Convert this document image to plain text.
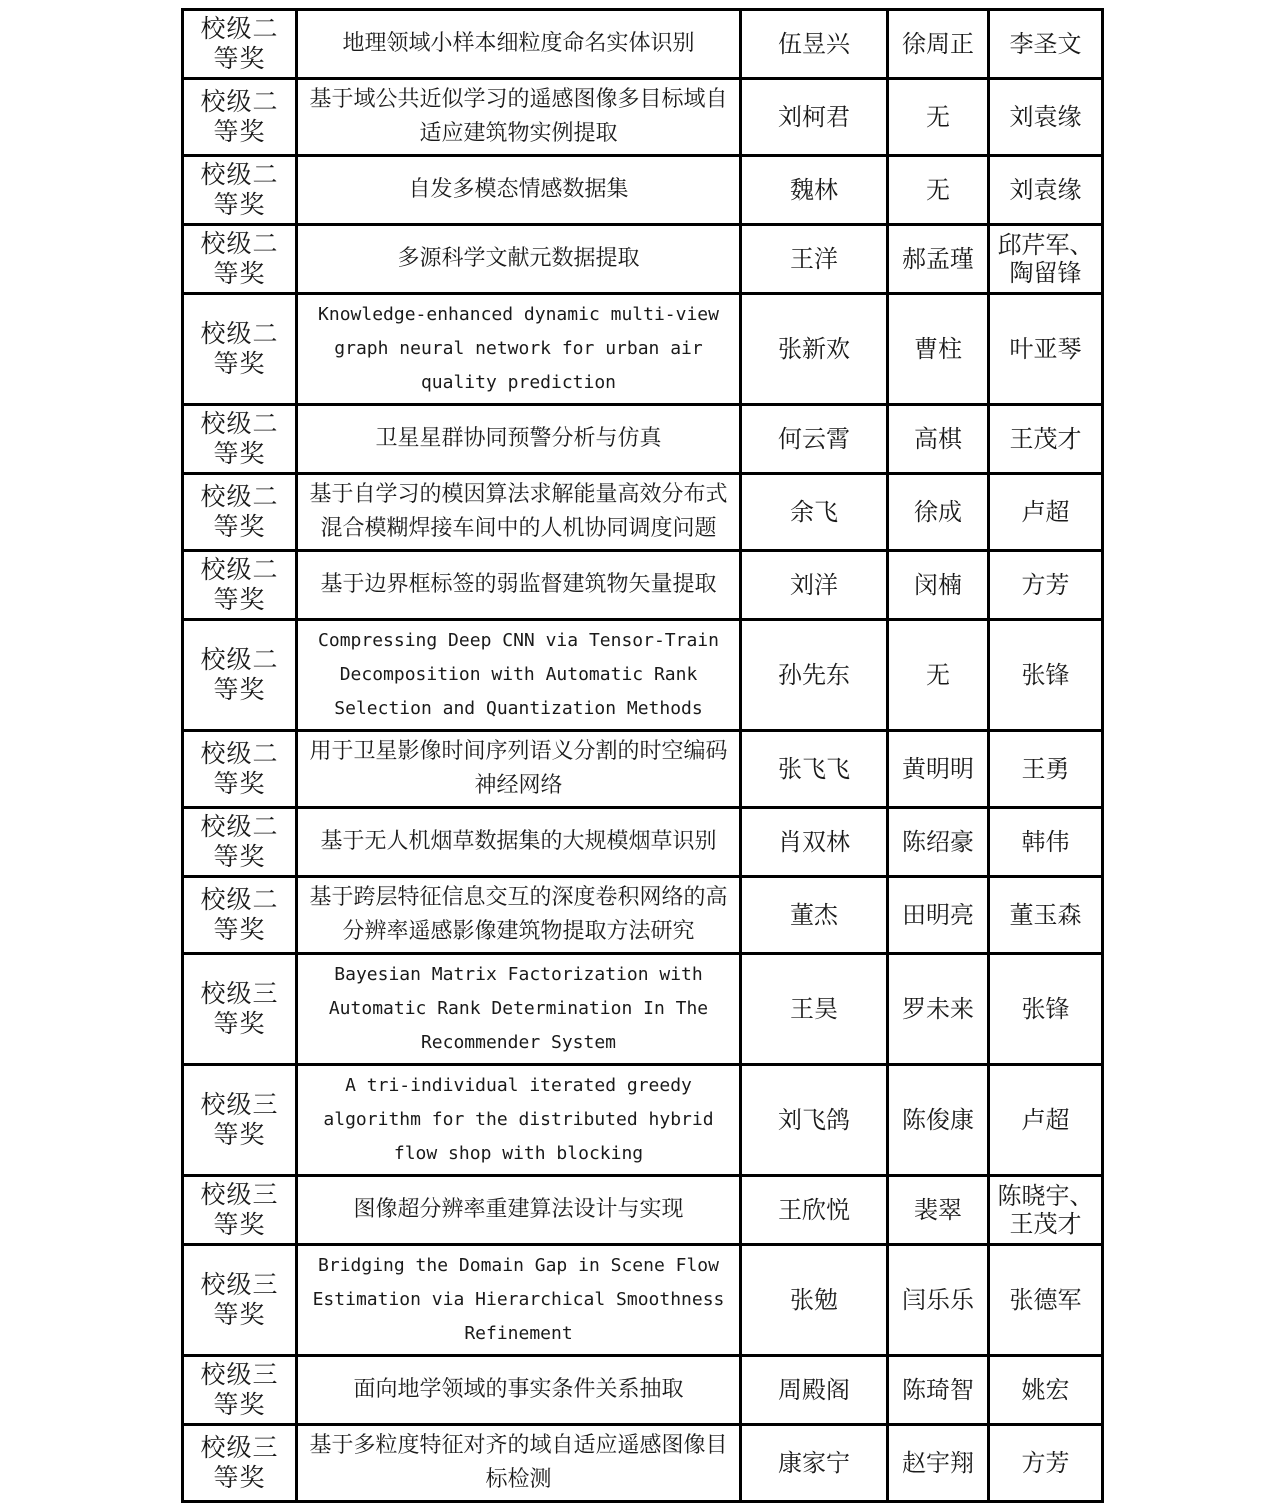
校级二等奖	地理领域小样本细粒度命名实体识别	伍昱兴	徐周正	李圣文
校级二等奖	基于域公共近似学习的遥感图像多目标域自适应建筑物实例提取	刘柯君	无	刘袁缘
校级二等奖	自发多模态情感数据集	魏林	无	刘袁缘
校级二等奖	多源科学文献元数据提取	王洋	郝孟瑾	邱芹军、陶留锋
校级二等奖	Knowledge-enhanced dynamic multi-view graph neural network for urban air quality prediction	张新欢	曹柱	叶亚琴
校级二等奖	卫星星群协同预警分析与仿真	何云霄	高棋	王茂才
校级二等奖	基于自学习的模因算法求解能量高效分布式混合模糊焊接车间中的人机协同调度问题	余飞	徐成	卢超
校级二等奖	基于边界框标签的弱监督建筑物矢量提取	刘洋	闵楠	方芳
校级二等奖	Compressing Deep CNN via Tensor-Train Decomposition with Automatic Rank Selection and Quantization Methods	孙先东	无	张锋
校级二等奖	用于卫星影像时间序列语义分割的时空编码神经网络	张飞飞	黄明明	王勇
校级二等奖	基于无人机烟草数据集的大规模烟草识别	肖双林	陈绍豪	韩伟
校级二等奖	基于跨层特征信息交互的深度卷积网络的高分辨率遥感影像建筑物提取方法研究	董杰	田明亮	董玉森
校级三等奖	Bayesian Matrix Factorization with Automatic Rank Determination In The Recommender System	王昊	罗未来	张锋
校级三等奖	A tri-individual iterated greedy algorithm for the distributed hybrid flow shop with blocking	刘飞鸽	陈俊康	卢超
校级三等奖	图像超分辨率重建算法设计与实现	王欣悦	裴翠	陈晓宇、王茂才
校级三等奖	Bridging the Domain Gap in Scene Flow Estimation via Hierarchical Smoothness Refinement	张勉	闫乐乐	张德军
校级三等奖	面向地学领域的事实条件关系抽取	周殿阁	陈琦智	姚宏
校级三等奖	基于多粒度特征对齐的域自适应遥感图像目标检测	康家宁	赵宇翔	方芳
